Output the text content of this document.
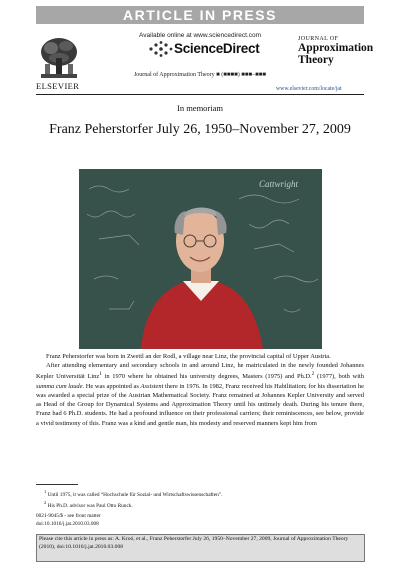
ARTICLE IN PRESS
ELSEVIER
Available online at www.sciencedirect.com
ScienceDirect
Journal of Approximation Theory ■ (■■■■) ■■■–■■■
JOURNAL OF
Approximation Theory
www.elsevier.com/locate/jat
In memoriam
Franz Peherstorfer July 26, 1950–November 27, 2009
Cattwright

Franz Peherstorfer was born in Zwettl an der Rodl, a village near Linz, the provincial capital of Upper Austria.

After attending elementary and secondary schools in and around Linz, he matriculated in the newly founded Johannes Kepler Universität Linz$^1$ in 1970 where he obtained his university degrees, Masters (1975) and Ph.D.$^2$ (1977), both with summa cum laude. He was appointed as Assistent there in 1976. In 1982, Franz received his Habilitation; for his dissertation he was awarded a special prize of the Austrian Mathematical Society. Franz remained at Johannes Kepler University and served as Head of the Group for Dynamical Systems and Approximation Theory until his untimely death. During his tenure there, Franz had 6 Ph.D. students. He had a profound influence on their professional carriers; their reminiscences, see below, provide a vivid testimony of this. Franz was a kind and gentle man, his modesty and reserved manners kept him from

$^1$ Until 1975, it was called “Hochschule für Sozial- und Wirtschaftswissenschaften”.

$^2$ His Ph.D. advisor was Paul Otto Runck.

0021-9045/$ - see front matter
doi:10.1016/j.jat.2010.03.008
Please cite this article in press as: A. Kroó, et al., Franz Peherstorfer July 26, 1950–November 27, 2009, Journal of Approximation Theory (2010), doi:10.1016/j.jat.2010.03.008
